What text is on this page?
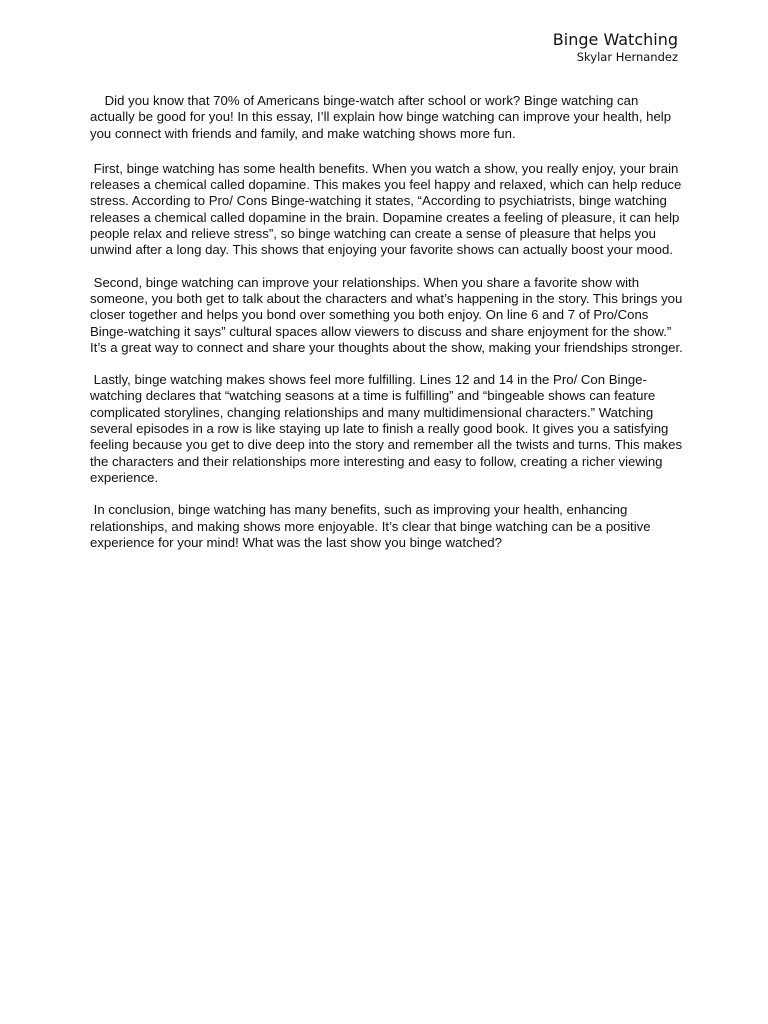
Binge Watching
Skylar Hernandez

Did you know that 70% of Americans binge-watch after school or work? Binge watching can actually be good for you! In this essay, I’ll explain how binge watching can improve your health, help you connect with friends and family, and make watching shows more fun.

First, binge watching has some health benefits. When you watch a show, you really enjoy, your brain releases a chemical called dopamine. This makes you feel happy and relaxed, which can help reduce stress. According to Pro/ Cons Binge-watching it states, “According to psychiatrists, binge watching releases a chemical called dopamine in the brain. Dopamine creates a feeling of pleasure, it can help people relax and relieve stress”, so binge watching can create a sense of pleasure that helps you unwind after a long day. This shows that enjoying your favorite shows can actually boost your mood.

Second, binge watching can improve your relationships. When you share a favorite show with someone, you both get to talk about the characters and what’s happening in the story. This brings you closer together and helps you bond over something you both enjoy. On line 6 and 7 of Pro/Cons Binge-watching it says” cultural spaces allow viewers to discuss and share enjoyment for the show.” It’s a great way to connect and share your thoughts about the show, making your friendships stronger.

Lastly, binge watching makes shows feel more fulfilling. Lines 12 and 14 in the Pro/ Con Binge-watching declares that “watching seasons at a time is fulfilling” and “bingeable shows can feature complicated storylines, changing relationships and many multidimensional characters.” Watching several episodes in a row is like staying up late to finish a really good book. It gives you a satisfying feeling because you get to dive deep into the story and remember all the twists and turns. This makes the characters and their relationships more interesting and easy to follow, creating a richer viewing experience.

In conclusion, binge watching has many benefits, such as improving your health, enhancing relationships, and making shows more enjoyable. It’s clear that binge watching can be a positive experience for your mind! What was the last show you binge watched?
